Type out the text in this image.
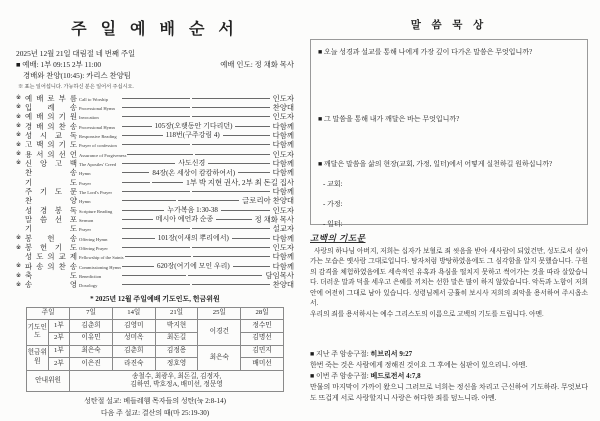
주 일 예 배 순 서
2025년 12월 21일 대림절 네 번째 주일
■ 예배: 1부 09:15 2부 11:00	예배 인도: 정 채화 목사
경배와 찬양(10:45): 카리스 찬양팀
※ 표는 일어섭니다. 가능하신 분은 일어서 주십시오.
※ 예 배 로 부 름 Call to Worship	인도자
※ 입 례 송 Processional Hymn	찬양대
※ 예 배 의 기 원 Invocation	인도자
※ 경 배 의 찬 송 Processional Hymn	105장(오랫동안 기다리던)	다함께
※ 성 시 교 독 Responsive Reading	118번(구주강림 4)	다함께
※ 고 백 의 기 도 Prayer of confession	다함께
※ 용 서 의 선 언 Assurance of Forgiveness	인도자
※ 신 앙 고 백 The Apostles' Creed	사도신경	다함께
찬 송 Hymn	84장(온 세상이 캄캄하여서)	다함께
기 도 Prayer	1부 박 지현 권사, 2부 최 돈길 집사
주 기 도 문 The Lord's Prayer	다함께
찬 양 Hymn	글로리아 찬양대
성 경 봉 독 Scripture Reading	누가복음 1:30-38	인도자
말 씀 선 포 Sermon	메시아 예언과 순종	정 채화 목사
기 도 Prayer	설교자
※ 봉 헌 송 Offering Hymn	101장(이새의 뿌리에서)	다함께
※ 봉 헌 기 도 Offering Prayer	인도자
성 도 의 교 제 Fellowship of the Saints	다함께
※ 파 송 의 찬 송 Commissioning Hymn	620장(여기에 모인 우리)	다함께
※ 축 도 Benediction	담임목사
※ 송 영 Doxology	찬양대
* 2025년 12월 주일예배 기도인도, 헌금위원
주일		7일	14일	21일	25일	28일
기도인도	1부	김춘희	김영미	박지현	이경건	정수민
	2부	이유민	성미옥	최돈길		김명선
헌금위원	1부	최은숙	김춘희	김정용	최은숙	김민지
	2부	이은진	라진숙	정호영		배미선
안내위원		송철수, 최광우, 최돈길, 김정자,
김하연, 박호정A, 배미선, 정문영				
성탄절 설교: 베들레헴 목자들의 성탄(눅 2:8-14)
다음 주 설교: 결산의 때(마 25:19-30)
말 씀 묵 상
■ 오늘 성경과 설교를 통해 나에게 가장 깊이 다가온 말씀은 무엇입니까?
■ 그 말씀을 통해 내가 깨달은 바는 무엇입니까?
■ 깨달은 말씀을 삶의 현장(교회, 가정, 일터)에서 어떻게 실천하길 원하십니까?
- 교회:
- 가정:
- 일터:
고백의 기도문
사랑의 하나님 아버지, 저희는 십자가 보혈로 죄 씻음을 받아 새사람이 되었건만, 성도로서 살아가는 모습은 옛사람 그대로입니다. 탕자처럼 방탕하였음에도 그 심각함을 알지 못했습니다. 구원의 감격을 체험하였음에도 세속적인 유혹과 욕심을 떨치지 못하고 썩어가는 것을 따라 살았습니다. 더러운 말과 덕을 세우고 은혜를 끼치는 선한 말은 많이 하지 않았습니다. 악독과 노함이 저희 안에 여전히 그대로 남아 있습니다. 성령님께서 긍휼히 보시사 저희의 죄악을 용서하여 주시옵소서.
우리의 죄를 용서하시는 예수 그리스도의 이름으로 고백의 기도를 드립니다. 아멘.
■ 지난 주 암송구절: 히브리서 9:27
한번 죽는 것은 사람에게 정해진 것이요 그 후에는 심판이 있으리니. 아멘.
■ 이번 주 암송구절: 베드로전서 4:7,8
만물의 마지막이 가까이 왔으니 그러므로 너희는 정신을 차리고 근신하여 기도하라. 무엇보다도 뜨겁게 서로 사랑할지니 사랑은 허다한 죄를 덮느니라. 아멘.
